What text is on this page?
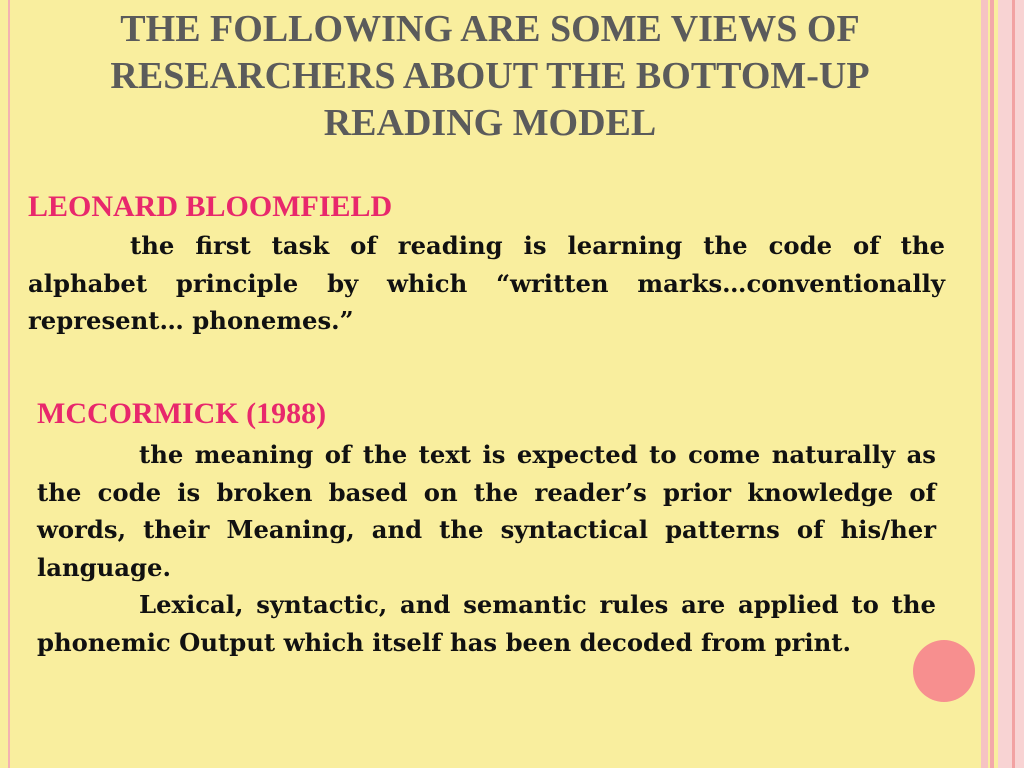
THE FOLLOWING ARE SOME VIEWS OF RESEARCHERS ABOUT THE BOTTOM-UP READING MODEL
LEONARD BLOOMFIELD

the first task of reading is learning the code of the alphabet principle by which “written marks…conventionally represent… phonemes.”

MCCORMICK (1988)

the meaning of the text is expected to come naturally as the code is broken based on the reader’s prior knowledge of words, their Meaning, and the syntactical patterns of his/her language.

Lexical, syntactic, and semantic rules are applied to the phonemic Output which itself has been decoded from print.
